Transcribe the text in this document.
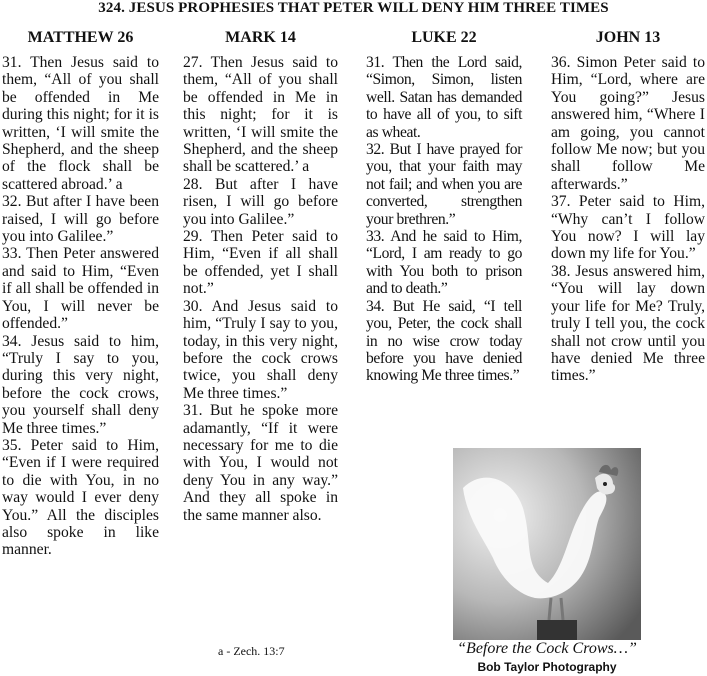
324. JESUS PROPHESIES THAT PETER WILL DENY HIM THREE TIMES
MATTHEW 26	MARK 14	LUKE 22	JOHN 13

31. Then Jesus said to them, “All of you shall be offended in Me during this night; for it is written, ‘I will smite the Shepherd, and the sheep of the flock shall be scattered abroad.’ a

32. But after I have been raised, I will go before you into Galilee.”

33. Then Peter answered and said to Him, “Even if all shall be offended in You, I will never be offended.”

34. Jesus said to him, “Truly I say to you, during this very night, before the cock crows, you yourself shall deny Me three times.”

35. Peter said to Him, “Even if I were required to die with You, in no way would I ever deny You.” All the disciples also spoke in like manner.

27. Then Jesus said to them, “All of you shall be offended in Me in this night; for it is written, ‘I will smite the Shepherd, and the sheep shall be scattered.’ a

28. But after I have risen, I will go before you into Galilee.”

29. Then Peter said to Him, “Even if all shall be offended, yet I shall not.”

30. And Jesus said to him, “Truly I say to you, today, in this very night, before the cock crows twice, you shall deny Me three times.”

31. But he spoke more adamantly, “If it were necessary for me to die with You, I would not deny You in any way.” And they all spoke in the same manner also.

31. Then the Lord said, “Simon, Simon, listen well. Satan has demanded to have all of you, to sift as wheat.

32. But I have prayed for you, that your faith may not fail; and when you are converted, strengthen your brethren.”

33. And he said to Him, “Lord, I am ready to go with You both to prison and to death.”

34. But He said, “I tell you, Peter, the cock shall in no wise crow today before you have denied knowing Me three times.”

36. Simon Peter said to Him, “Lord, where are You going?” Jesus answered him, “Where I am going, you cannot follow Me now; but you shall follow Me afterwards.”

37. Peter said to Him, “Why can’t I follow You now? I will lay down my life for You.”

38. Jesus answered him, “You will lay down your life for Me? Truly, truly I tell you, the cock shall not crow until you have denied Me three times.”

a - Zech. 13:7	“Before the Cock Crows…”
Bob Taylor Photography
